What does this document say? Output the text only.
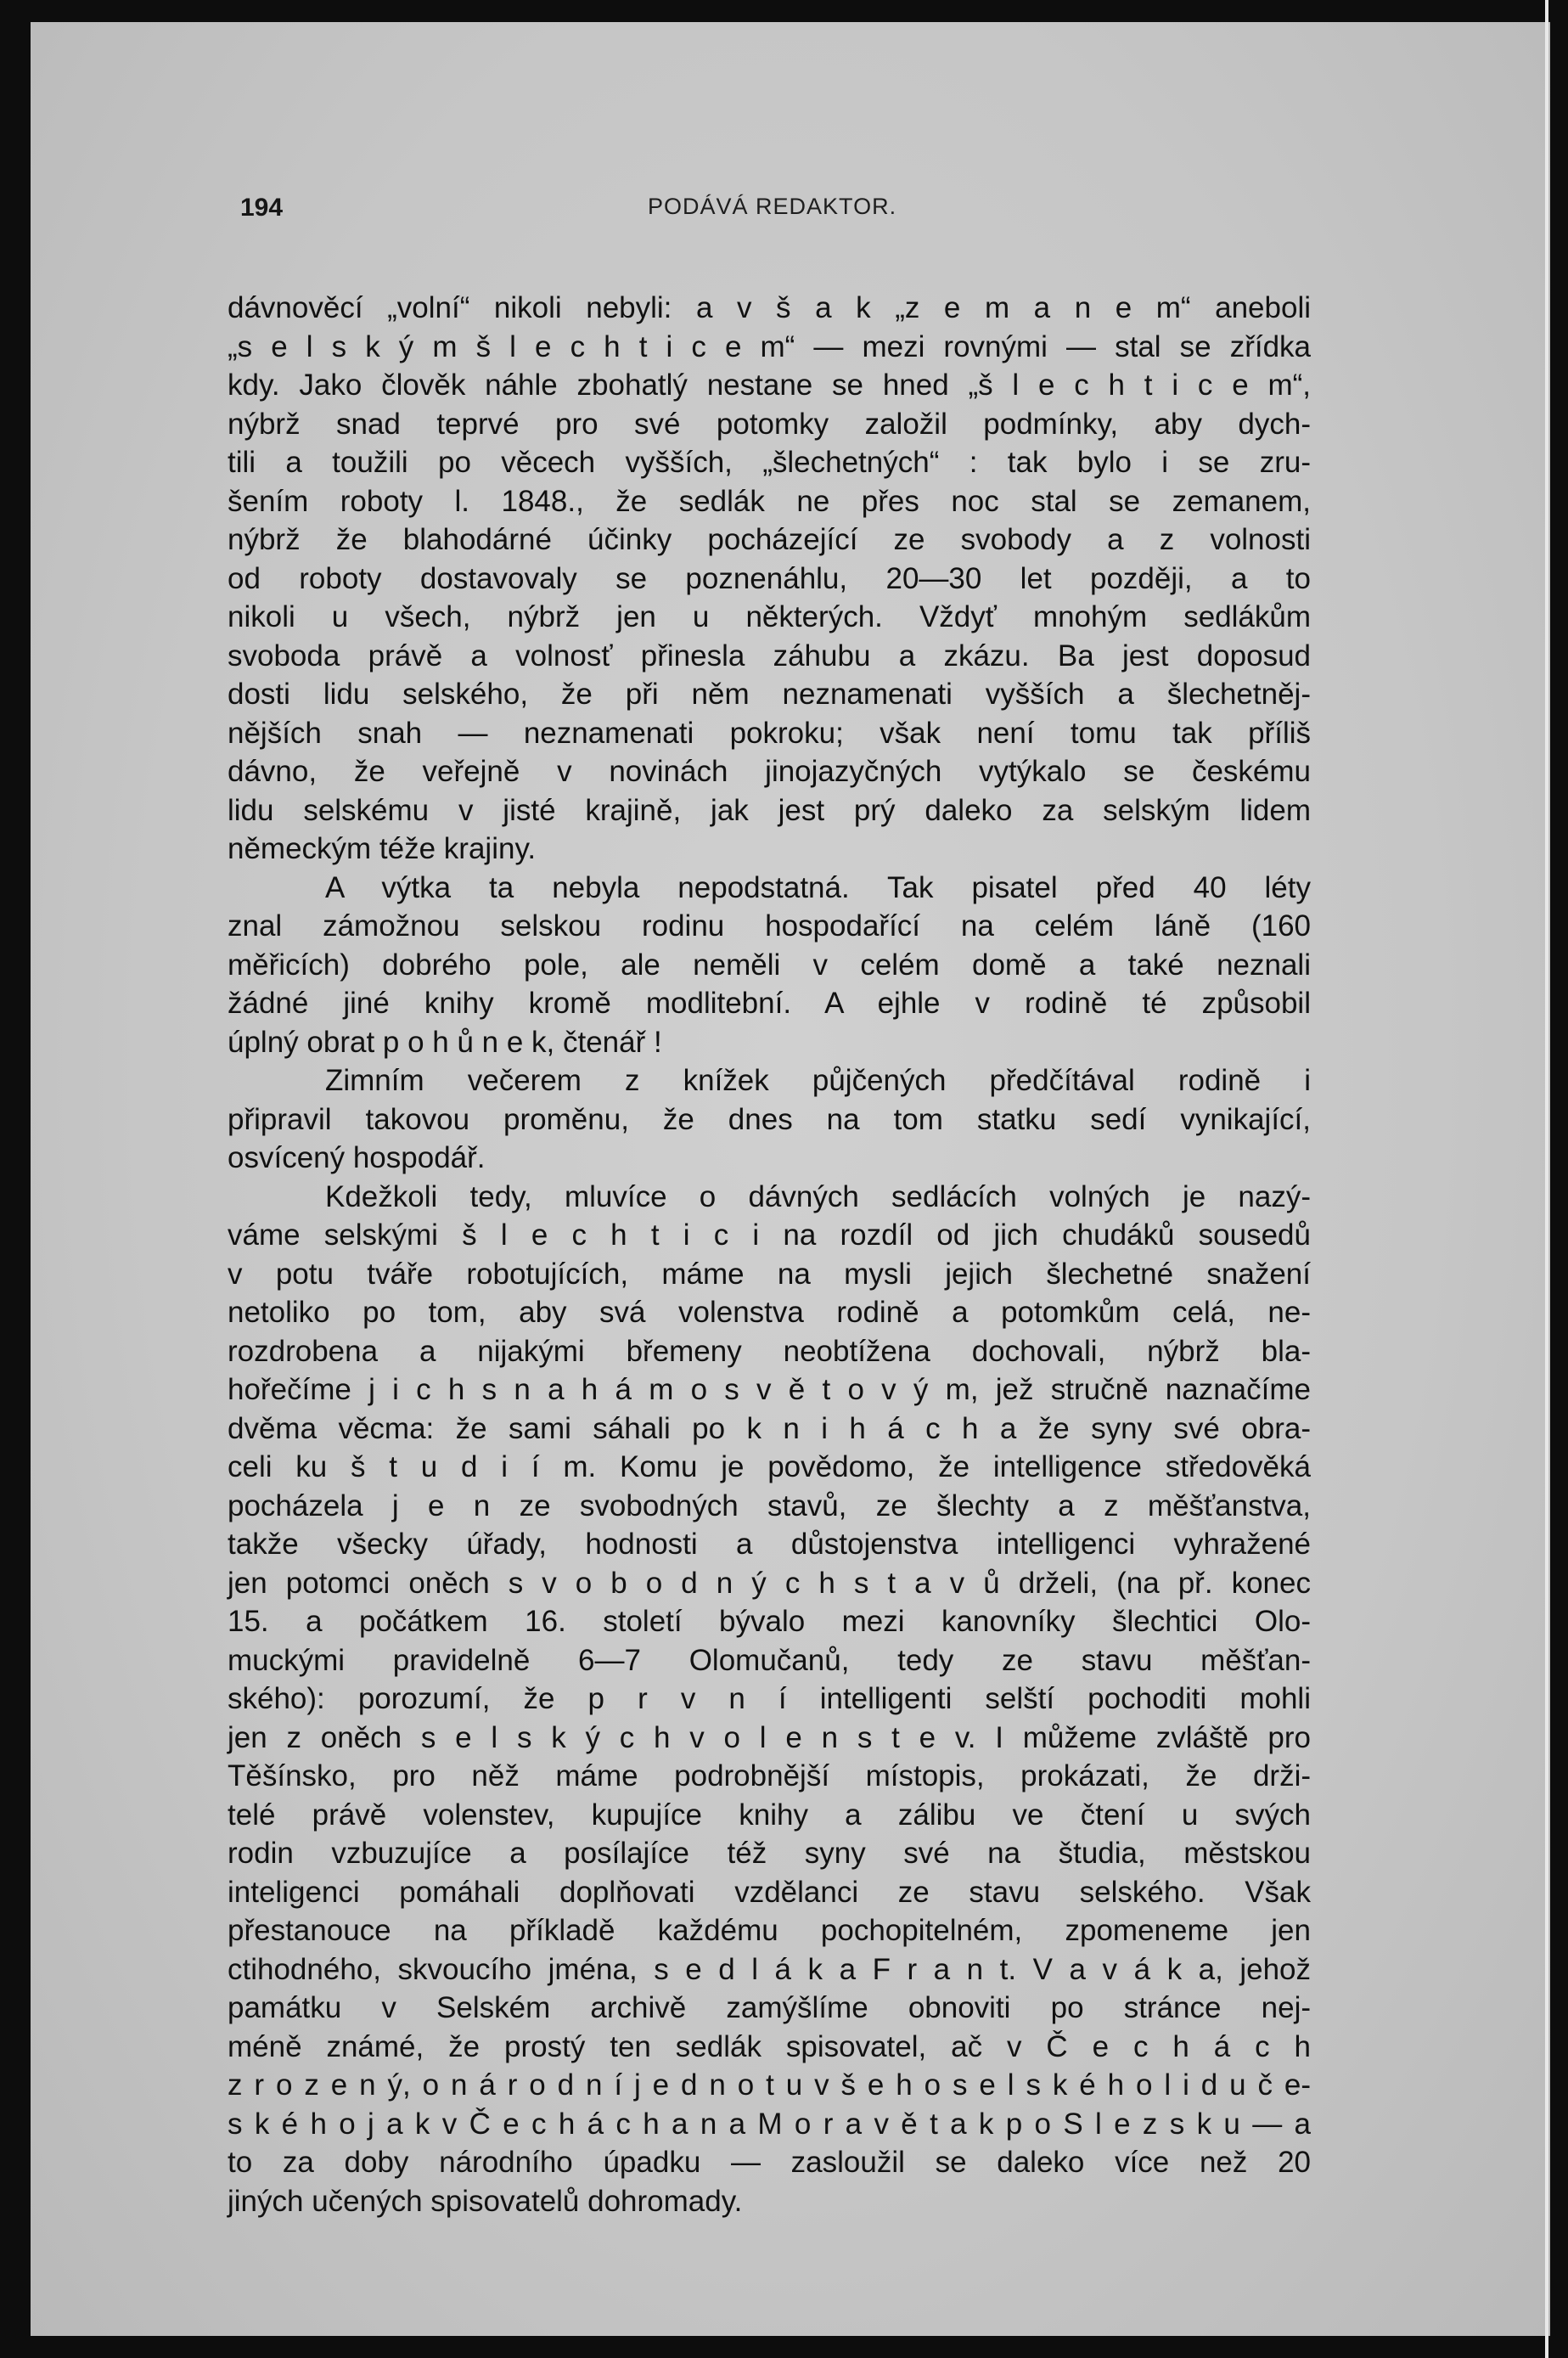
194	PODÁVÁ REDAKTOR.
dávnověcí „volní“ nikoli nebyli: a v š a k „z e m a n e m“ aneboli
„s e l s k ý m š l e c h t i c e m“ — mezi rovnými — stal se zřídka
kdy. Jako člověk náhle zbohatlý nestane se hned „š l e c h t i c e m“,
nýbrž snad teprvé pro své potomky založil podmínky, aby dych-
tili a toužili po věcech vyšších, „šlechetných“ : tak bylo i se zru-
šením roboty l. 1848., že sedlák ne přes noc stal se zemanem,
nýbrž že blahodárné účinky pocházející ze svobody a z volnosti
od roboty dostavovaly se poznenáhlu, 20—30 let později, a to
nikoli u všech, nýbrž jen u některých. Vždyť mnohým sedlákům
svoboda právě a volnosť přinesla záhubu a zkázu. Ba jest doposud
dosti lidu selského, že při něm neznamenati vyšších a šlechetněj-
nějších snah — neznamenati pokroku; však není tomu tak příliš
dávno, že veřejně v novinách jinojazyčných vytýkalo se českému
lidu selskému v jisté krajině, jak jest prý daleko za selským lidem
německým téže krajiny.
A výtka ta nebyla nepodstatná. Tak pisatel před 40 léty
znal zámožnou selskou rodinu hospodařící na celém láně (160
měřicích) dobrého pole, ale neměli v celém domě a také neznali
žádné jiné knihy kromě modlitební. A ejhle v rodině té způsobil
úplný obrat p o h ů n e k, čtenář !
Zimním večerem z knížek půjčených předčítával rodině i
připravil takovou proměnu, že dnes na tom statku sedí vynikající,
osvícený hospodář.
Kdežkoli tedy, mluvíce o dávných sedlácích volných je nazý-
váme selskými š l e c h t i c i na rozdíl od jich chudáků sousedů
v potu tváře robotujících, máme na mysli jejich šlechetné snažení
netoliko po tom, aby svá volenstva rodině a potomkům celá, ne-
rozdrobena a nijakými břemeny neobtížena dochovali, nýbrž bla-
hořečíme j i c h s n a h á m o s v ě t o v ý m, jež stručně naznačíme
dvěma věcma: že sami sáhali po k n i h á c h a že syny své obra-
celi ku š t u d i í m. Komu je povědomo, že intelligence středověká
pocházela j e n ze svobodných stavů, ze šlechty a z měšťanstva,
takže všecky úřady, hodnosti a důstojenstva intelligenci vyhražené
jen potomci oněch s v o b o d n ý c h s t a v ů drželi, (na př. konec
15. a počátkem 16. století bývalo mezi kanovníky šlechtici Olo-
muckými pravidelně 6—7 Olomučanů, tedy ze stavu měšťan-
ského): porozumí, že p r v n í intelligenti selští pochoditi mohli
jen z oněch s e l s k ý c h v o l e n s t e v. I můžeme zvláště pro
Těšínsko, pro něž máme podrobnější místopis, prokázati, že drži-
telé právě volenstev, kupujíce knihy a zálibu ve čtení u svých
rodin vzbuzujíce a posílajíce též syny své na študia, městskou
inteligenci pomáhali doplňovati vzdělanci ze stavu selského. Však
přestanouce na příkladě každému pochopitelném, zpomeneme jen
ctihodného, skvoucího jména, s e d l á k a F r a n t. V a v á k a, jehož
památku v Selském archivě zamýšlíme obnoviti po stránce nej-
méně známé, že prostý ten sedlák spisovatel, ač v Č e c h á c h
z r o z e n ý, o n á r o d n í j e d n o t u v š e h o s e l s k é h o l i d u č e-
s k é h o j a k v Č e c h á c h a n a M o r a v ě t a k p o S l e z s k u — a
to za doby národního úpadku — zasloužil se daleko více než 20
jiných učených spisovatelů dohromady.
